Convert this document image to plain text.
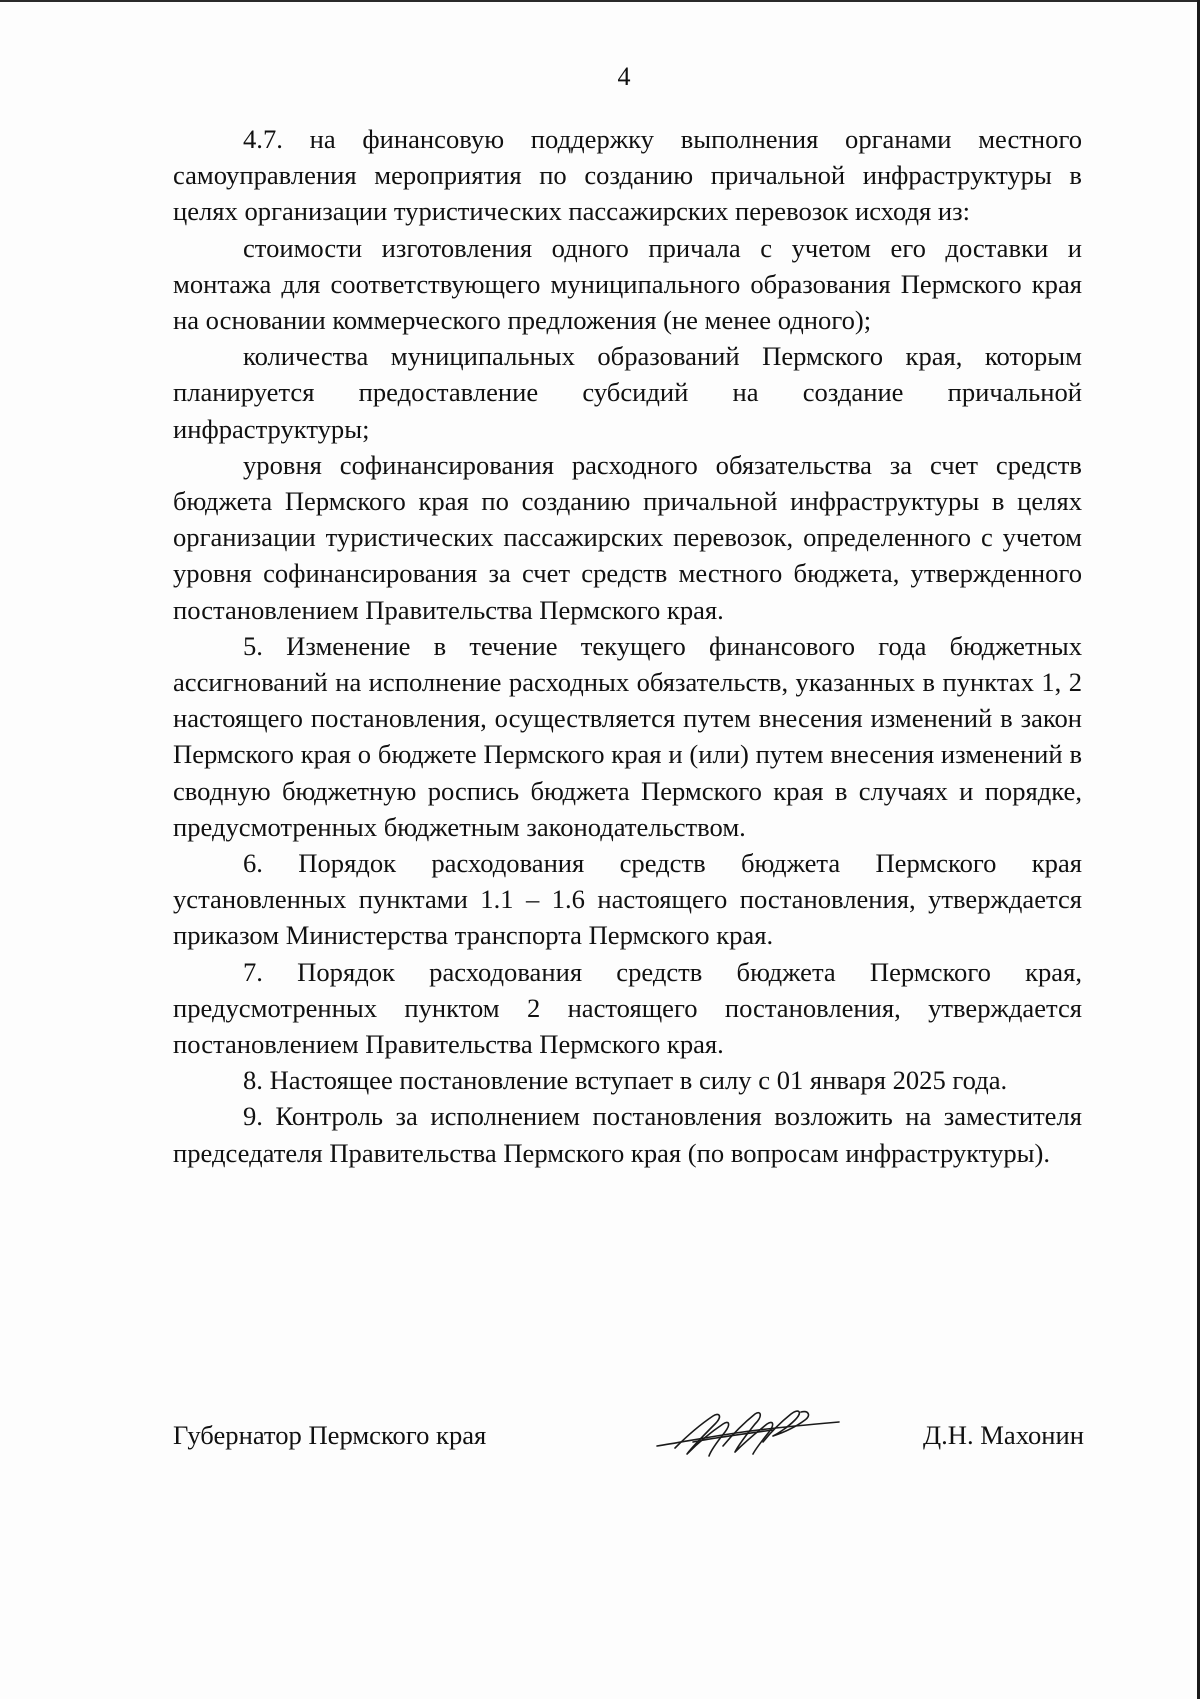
4

4.7. на финансовую поддержку выполнения органами местного самоуправления мероприятия по созданию причальной инфраструктуры в целях организации туристических пассажирских перевозок исходя из:

стоимости изготовления одного причала с учетом его доставки и монтажа для соответствующего муниципального образования Пермского края на основании коммерческого предложения (не менее одного);

количества муниципальных образований Пермского края, которым планируется предоставление субсидий на создание причальной инфраструктуры;

уровня софинансирования расходного обязательства за счет средств бюджета Пермского края по созданию причальной инфраструктуры в целях организации туристических пассажирских перевозок, определенного с учетом уровня софинансирования за счет средств местного бюджета, утвержденного постановлением Правительства Пермского края.

5. Изменение в течение текущего финансового года бюджетных ассигнований на исполнение расходных обязательств, указанных в пунктах 1, 2 настоящего постановления, осуществляется путем внесения изменений в закон Пермского края о бюджете Пермского края и (или) путем внесения изменений в сводную бюджетную роспись бюджета Пермского края в случаях и порядке, предусмотренных бюджетным законодательством.

6. Порядок расходования средств бюджета Пермского края установленных пунктами 1.1 – 1.6 настоящего постановления, утверждается приказом Министерства транспорта Пермского края.

7. Порядок расходования средств бюджета Пермского края, предусмотренных пунктом 2 настоящего постановления, утверждается постановлением Правительства Пермского края.

8. Настоящее постановление вступает в силу с 01 января 2025 года.

9. Контроль за исполнением постановления возложить на заместителя председателя Правительства Пермского края (по вопросам инфраструктуры).

Губернатор Пермского края	Д.Н. Махонин
